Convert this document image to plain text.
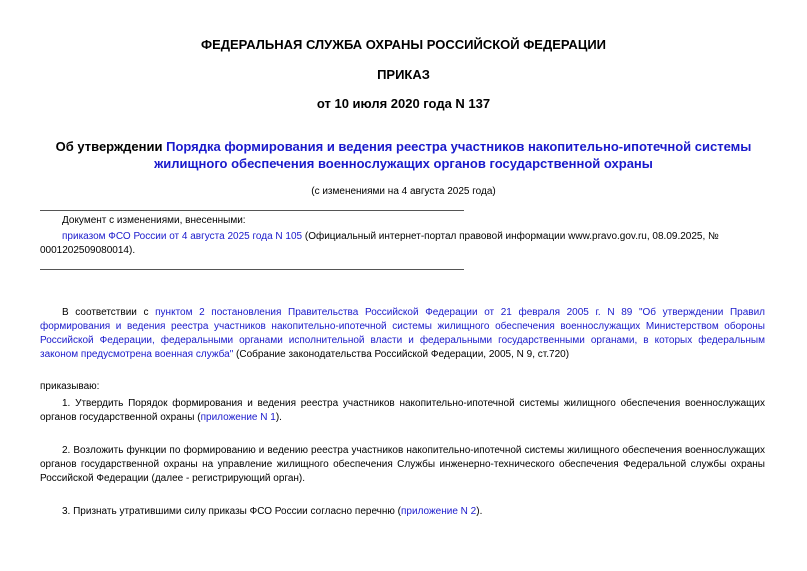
ФЕДЕРАЛЬНАЯ СЛУЖБА ОХРАНЫ РОССИЙСКОЙ ФЕДЕРАЦИИ
ПРИКАЗ
от 10 июля 2020 года N 137
Об утверждении Порядка формирования и ведения реестра участников накопительно-ипотечной системы жилищного обеспечения военнослужащих органов государственной охраны
(с изменениями на 4 августа 2025 года)
Документ с изменениями, внесенными:
приказом ФСО России от 4 августа 2025 года N 105 (Официальный интернет-портал правовой информации www.pravo.gov.ru, 08.09.2025, № 0001202509080014).
В соответствии с пунктом 2 постановления Правительства Российской Федерации от 21 февраля 2005 г. N 89 "Об утверждении Правил формирования и ведения реестра участников накопительно-ипотечной системы жилищного обеспечения военнослужащих Министерством обороны Российской Федерации, федеральными органами исполнительной власти и федеральными государственными органами, в которых федеральным законом предусмотрена военная служба" (Собрание законодательства Российской Федерации, 2005, N 9, ст.720)
приказываю:
1. Утвердить Порядок формирования и ведения реестра участников накопительно-ипотечной системы жилищного обеспечения военнослужащих органов государственной охраны (приложение N 1).
2. Возложить функции по формированию и ведению реестра участников накопительно-ипотечной системы жилищного обеспечения военнослужащих органов государственной охраны на управление жилищного обеспечения Службы инженерно-технического обеспечения Федеральной службы охраны Российской Федерации (далее - регистрирующий орган).
3. Признать утратившими силу приказы ФСО России согласно перечню (приложение N 2).
